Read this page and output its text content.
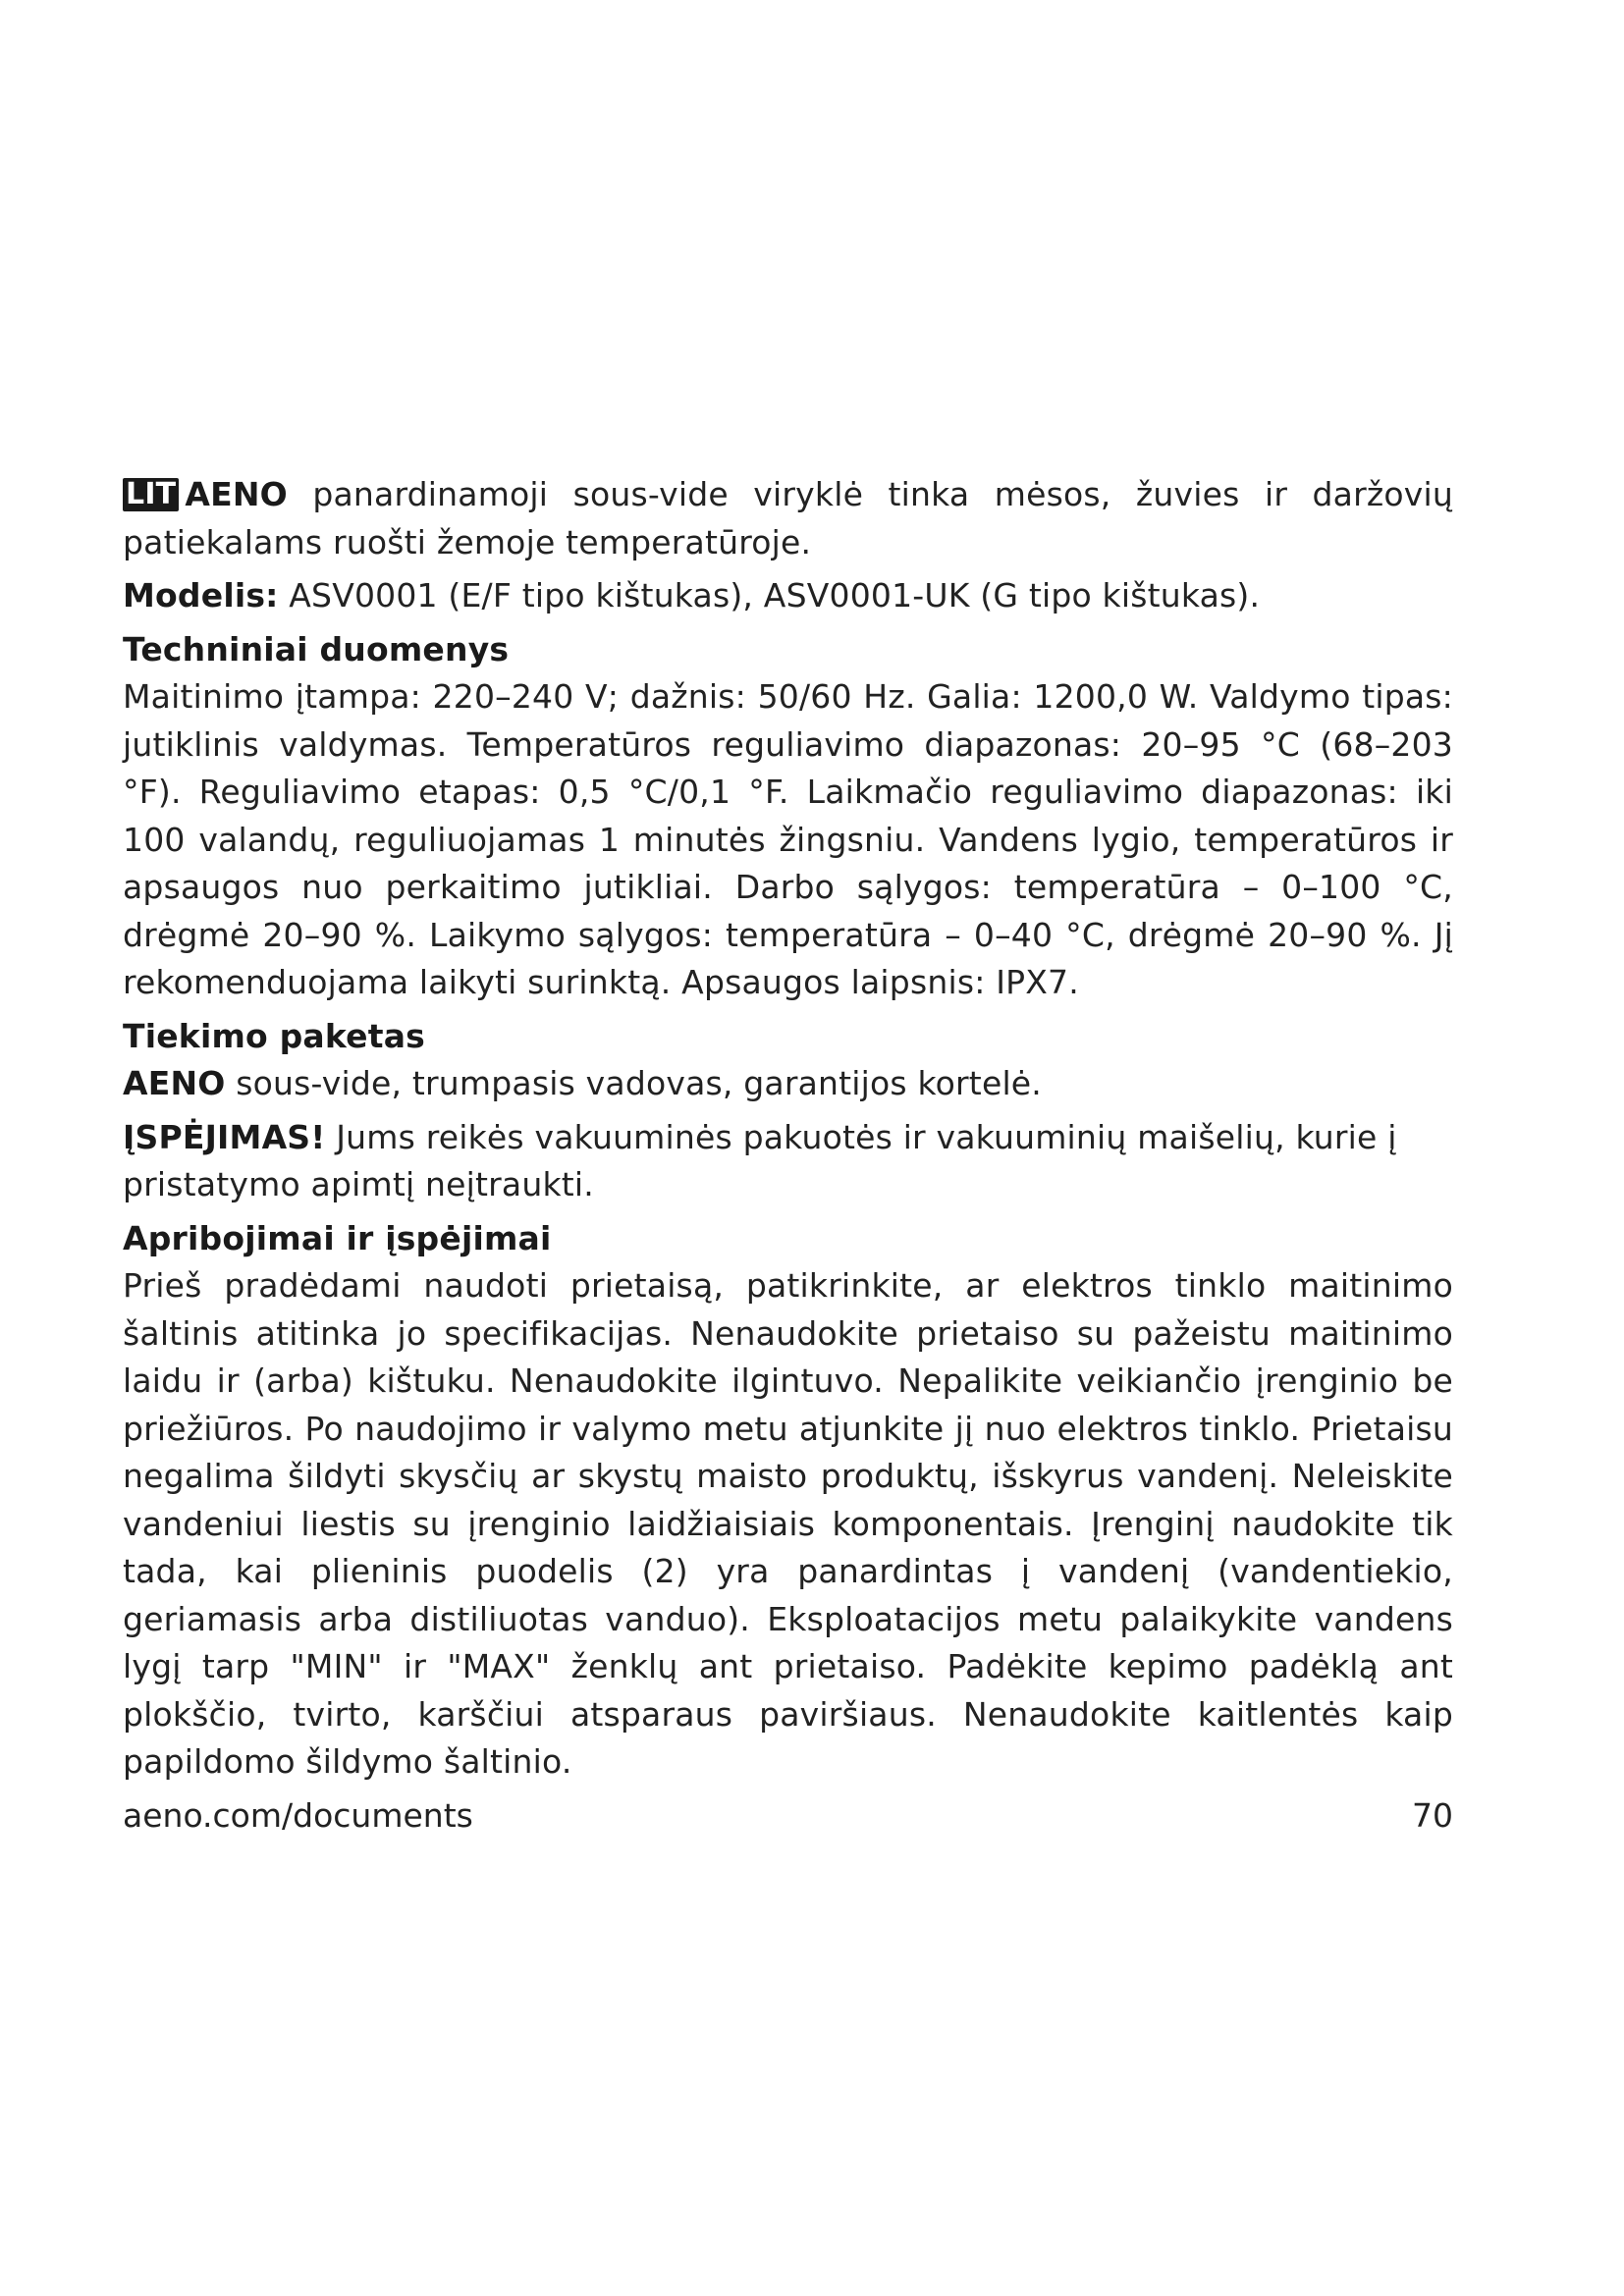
LIT AENO panardinamoji sous-vide viryklė tinka mėsos, žuvies ir daržovių patiekalams ruošti žemoje temperatūroje.

Modelis: ASV0001 (E/F tipo kištukas), ASV0001-UK (G tipo kištukas).

Techniniai duomenys

Maitinimo įtampa: 220–240 V; dažnis: 50/60 Hz. Galia: 1200,0 W. Valdymo tipas: jutiklinis valdymas. Temperatūros reguliavimo diapazonas: 20–95 °C (68–203 °F). Reguliavimo etapas: 0,5 °C/0,1 °F. Laikmačio reguliavimo diapazonas: iki 100 valandų, reguliuojamas 1 minutės žingsniu. Vandens lygio, temperatūros ir apsaugos nuo perkaitimo jutikliai. Darbo sąlygos: temperatūra – 0–100 °C, drėgmė 20–90 %. Laikymo sąlygos: temperatūra – 0–40 °C, drėgmė 20–90 %. Jį rekomenduojama laikyti surinktą. Apsaugos laipsnis: IPX7.

Tiekimo paketas

AENO sous-vide, trumpasis vadovas, garantijos kortelė.

ĮSPĖJIMAS! Jums reikės vakuuminės pakuotės ir vakuuminių maišelių, kurie į pristatymo apimtį neįtraukti.

Apribojimai ir įspėjimai

Prieš pradėdami naudoti prietaisą, patikrinkite, ar elektros tinklo maitinimo šaltinis atitinka jo specifikacijas. Nenaudokite prietaiso su pažeistu maitinimo laidu ir (arba) kištuku. Nenaudokite ilgintuvo. Nepalikite veikiančio įrenginio be priežiūros. Po naudojimo ir valymo metu atjunkite jį nuo elektros tinklo. Prietaisu negalima šildyti skysčių ar skystų maisto produktų, išskyrus vandenį. Neleiskite vandeniui liestis su įrenginio laidžiaisiais komponentais. Įrenginį naudokite tik tada, kai plieninis puodelis (2) yra panardintas į vandenį (vandentiekio, geriamasis arba distiliuotas vanduo). Eksploatacijos metu palaikykite vandens lygį tarp "MIN" ir "MAX" ženklų ant prietaiso. Padėkite kepimo padėklą ant plokščio, tvirto, karščiui atsparaus paviršiaus. Nenaudokite kaitlentės kaip papildomo šildymo šaltinio.

aeno.com/documents	70
